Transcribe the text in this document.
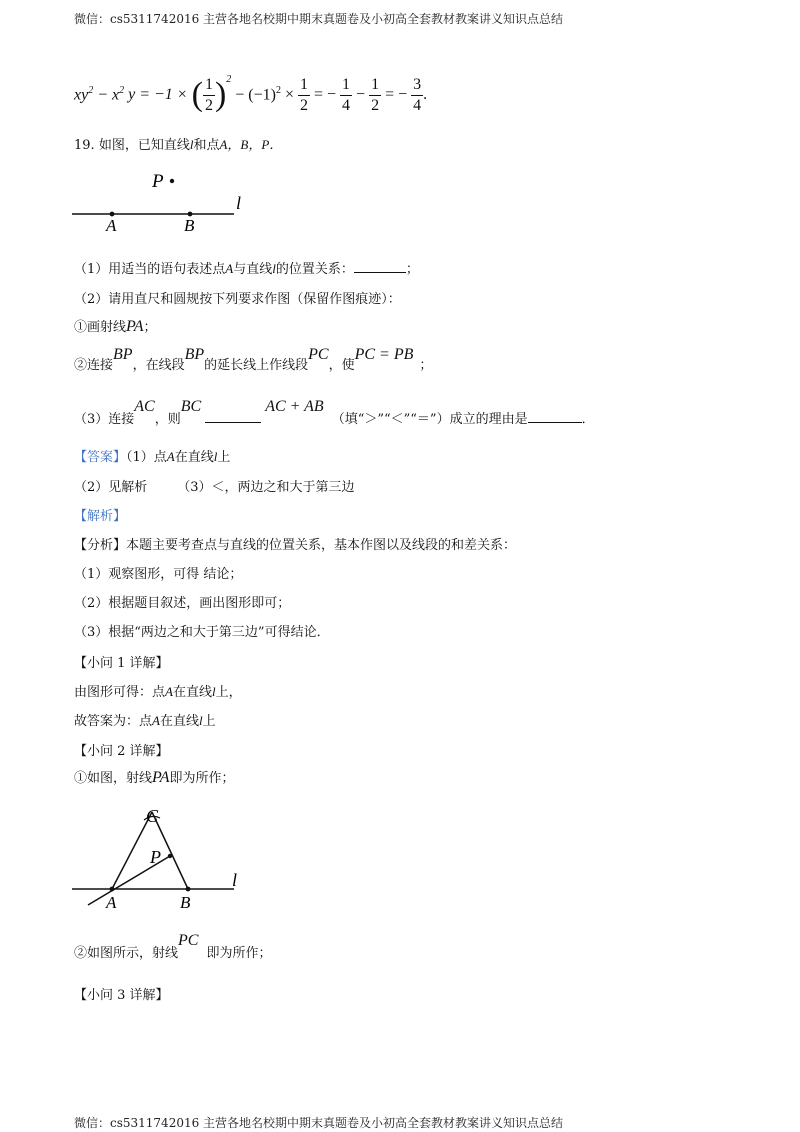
微信：cs5311742016 主营各地名校期中期末真题卷及小初高全套教材教案讲义知识点总结
$xy^2 - x^2$ y = −1 × ( $\frac{1}{2} )^2$
− $(-1)^2 \times \frac{1}{2}$ = − $\frac{1}{4} - \frac{1}{2}$ = − $\frac{3}{4}$ .
19. 如图，已知直线l和点A，B，P．
P
A	B
l
（1）用适当的语句表述点A与直线l的位置关系：	；
（2）请用直尺和圆规按下列要求作图（保留作图痕迹）：
①画射线PA；
②连接BP，在线段BP的延长线上作线段PC，使PC = PB；
（3）连接AC，则BC	AC + AB（填“＞”“＜”“＝”）成立的理由是	．
【答案】（1）点A在直线l上
（2）见解析 （3）＜，两边之和大于第三边
【解析】
【分析】本题主要考查点与直线的位置关系，基本作图以及线段的和差关系：
（1）观察图形，可得 结论；
（2）根据题目叙述，画出图形即可；
（3）根据“两边之和大于第三边”可得结论．
【小问 1 详解】
由图形可得：点A在直线l上，
故答案为：点A在直线l上
【小问 2 详解】
①如图，射线PA即为所作；
C
P
A	B
l
②如图所示，射线PC即为所作；
【小问 3 详解】
微信：cs5311742016 主营各地名校期中期末真题卷及小初高全套教材教案讲义知识点总结
